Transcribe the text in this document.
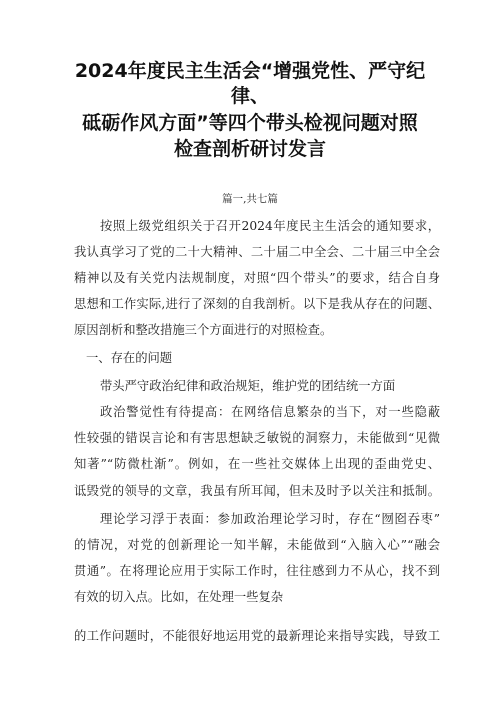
2024年度民主生活会“增强党性、严守纪
律、
砥砺作风方面”等四个带头检视问题对照
检查剖析研讨发言
篇一,共七篇
按照上级党组织关于召开2024年度民主生活会的通知要求，
我认真学习了党的二十大精神、二十届二中全会、二十届三中全会
精神以及有关党内法规制度，对照“四个带头”的要求，结合自身
思想和工作实际,进行了深刻的自我剖析。以下是我从存在的问题、
原因剖析和整改措施三个方面进行的对照检查。
一、存在的问题
带头严守政治纪律和政治规矩，维护党的团结统一方面
政治警觉性有待提高：在网络信息繁杂的当下，对一些隐蔽
性较强的错误言论和有害思想缺乏敏锐的洞察力，未能做到“见微
知著”“防微杜渐”。例如，在一些社交媒体上出现的歪曲党史、
诋毁党的领导的文章，我虽有所耳闻，但未及时予以关注和抵制。
理论学习浮于表面：参加政治理论学习时，存在“囫囵吞枣”
的情况，对党的创新理论一知半解，未能做到“入脑入心”“融会
贯通”。在将理论应用于实际工作时，往往感到力不从心，找不到
有效的切入点。比如，在处理一些复杂
的工作问题时，不能很好地运用党的最新理论来指导实践，导致工
